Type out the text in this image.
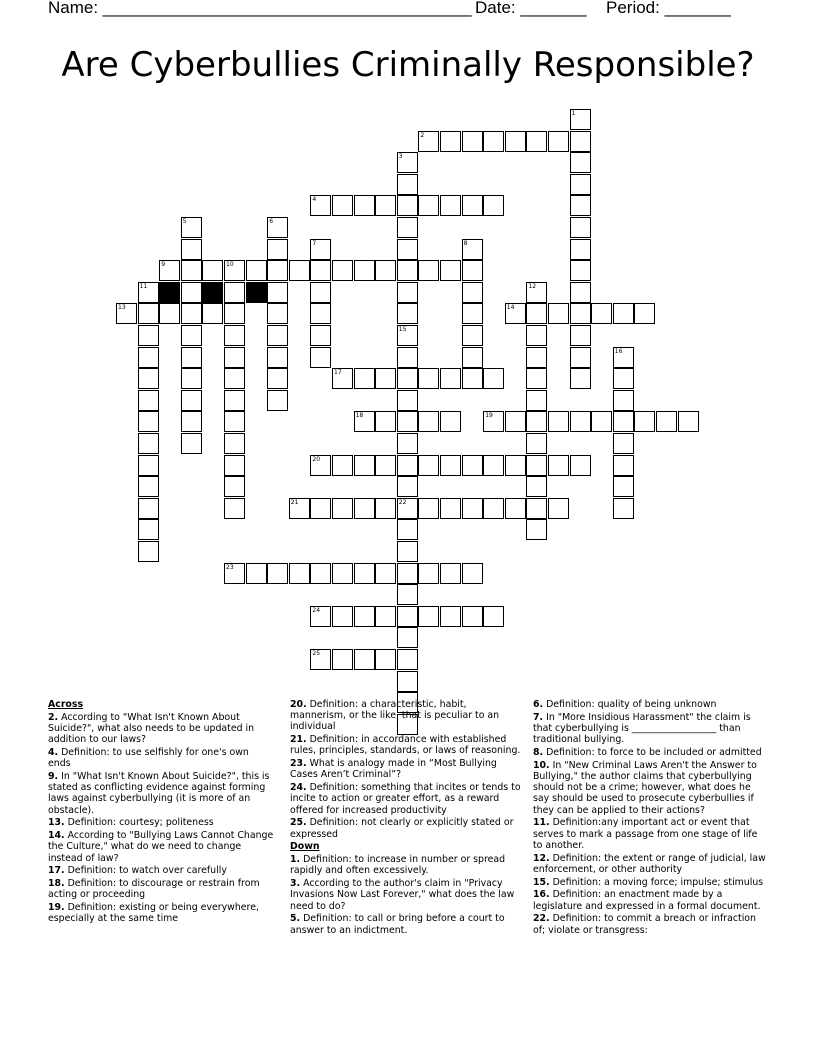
Name: _______________________________________ Date: _______ Period: _______
Are Cyberbullies Criminally Responsible?
1
2
3
4
5	6
7	8
9	10
11	12
13	14
15
16
17
18	19
20
21	22
23
24
25
Across
2. According to "What Isn't Known About Suicide?", what also needs to be updated in addition to our laws?
4. Definition: to use selfishly for one's own ends
9. In "What Isn't Known About Suicide?", this is stated as conflicting evidence against forming laws against cyberbullying (it is more of an obstacle).
13. Definition: courtesy; politeness
14. According to "Bullying Laws Cannot Change the Culture," what do we need to change instead of law?
17. Definition: to watch over carefully
18. Definition: to discourage or restrain from acting or proceeding
19. Definition: existing or being everywhere, especially at the same time
20. Definition: a characteristic, habit, mannerism, or the like, that is peculiar to an individual
21. Definition: in accordance with established rules, principles, standards, or laws of reasoning.
23. What is analogy made in “Most Bullying Cases Aren’t Criminal”?
24. Definition: something that incites or tends to incite to action or greater effort, as a reward offered for increased productivity
25. Definition: not clearly or explicitly stated or expressed
Down
1. Definition: to increase in number or spread rapidly and often excessively.
3. According to the author's claim in "Privacy Invasions Now Last Forever," what does the law need to do?
5. Definition: to call or bring before a court to answer to an indictment.
6. Definition: quality of being unknown
7. In "More Insidious Harassment" the claim is that cyberbullying is __________________ than traditional bullying.
8. Definition: to force to be included or admitted
10. In "New Criminal Laws Aren't the Answer to Bullying," the author claims that cyberbullying should not be a crime; however, what does he say should be used to prosecute cyberbullies if they can be applied to their actions?
11. Definition:any important act or event that serves to mark a passage from one stage of life to another.
12. Definition: the extent or range of judicial, law enforcement, or other authority
15. Definition: a moving force; impulse; stimulus
16. Definition: an enactment made by a legislature and expressed in a formal document.
22. Definition: to commit a breach or infraction of; violate or transgress:
